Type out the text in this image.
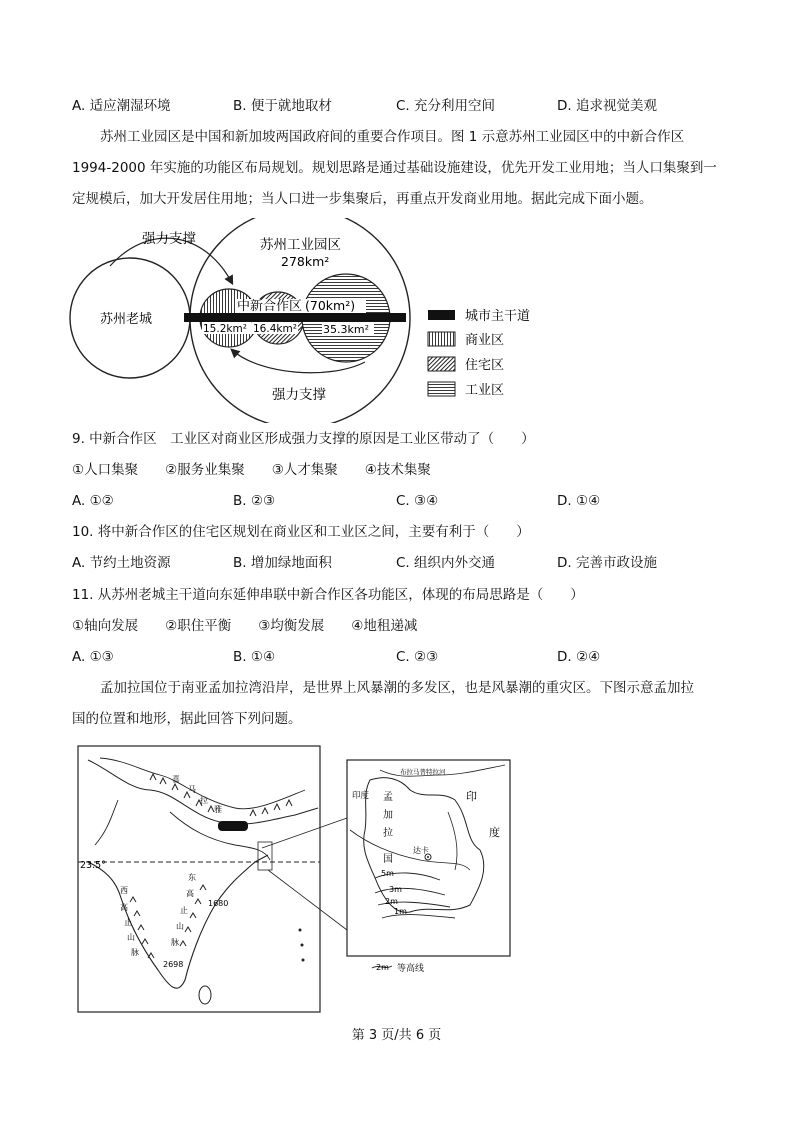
A. 适应潮湿环境	B. 便于就地取材	C. 充分利用空间	D. 追求视觉美观
苏州工业园区是中国和新加坡两国政府间的重要合作项目。图 1 示意苏州工业园区中的中新合作区
1994-2000 年实施的功能区布局规划。规划思路是通过基础设施建设，优先开发工业用地；当人口集聚到一
定规模后，加大开发居住用地；当人口进一步集聚后，再重点开发商业用地。据此完成下面小题。
强力支撑
强力支撑
苏州老城
苏州工业园区
278km²
中新合作区 (70km²)
15.2km² 16.4km² 35.3km²
城市主干道
商业区
住宅区
工业区
9. 中新合作区　工业区对商业区形成强力支撑的原因是工业区带动了（　　）
①人口集聚　　②服务业集聚　　③人才集聚　　④技术集聚
A. ①②	B. ②③	C. ③④	D. ①④
10. 将中新合作区的住宅区规划在商业区和工业区之间，主要有利于（　　）
A. 节约土地资源	B. 增加绿地面积	C. 组织内外交通	D. 完善市政设施
11. 从苏州老城主干道向东延伸串联中新合作区各功能区，体现的布局思路是（　　）
①轴向发展　　②职住平衡　　③均衡发展　　④地租递减
A. ①③	B. ①④	C. ②③	D. ②④
孟加拉国位于南亚孟加拉湾沿岸，是世界上风暴潮的多发区，也是风暴潮的重灾区。下图示意孟加拉
国的位置和地形，据此回答下列问题。
23.5°
喜
马
拉
雅
西
高
止
山
脉
东
高
止
山
脉
1680
2698
布拉马普特拉河
印度 孟
加
拉
国
印
度
5m
3m
2m
1m
达卡
2m 等高线
第 3 页/共 6 页
